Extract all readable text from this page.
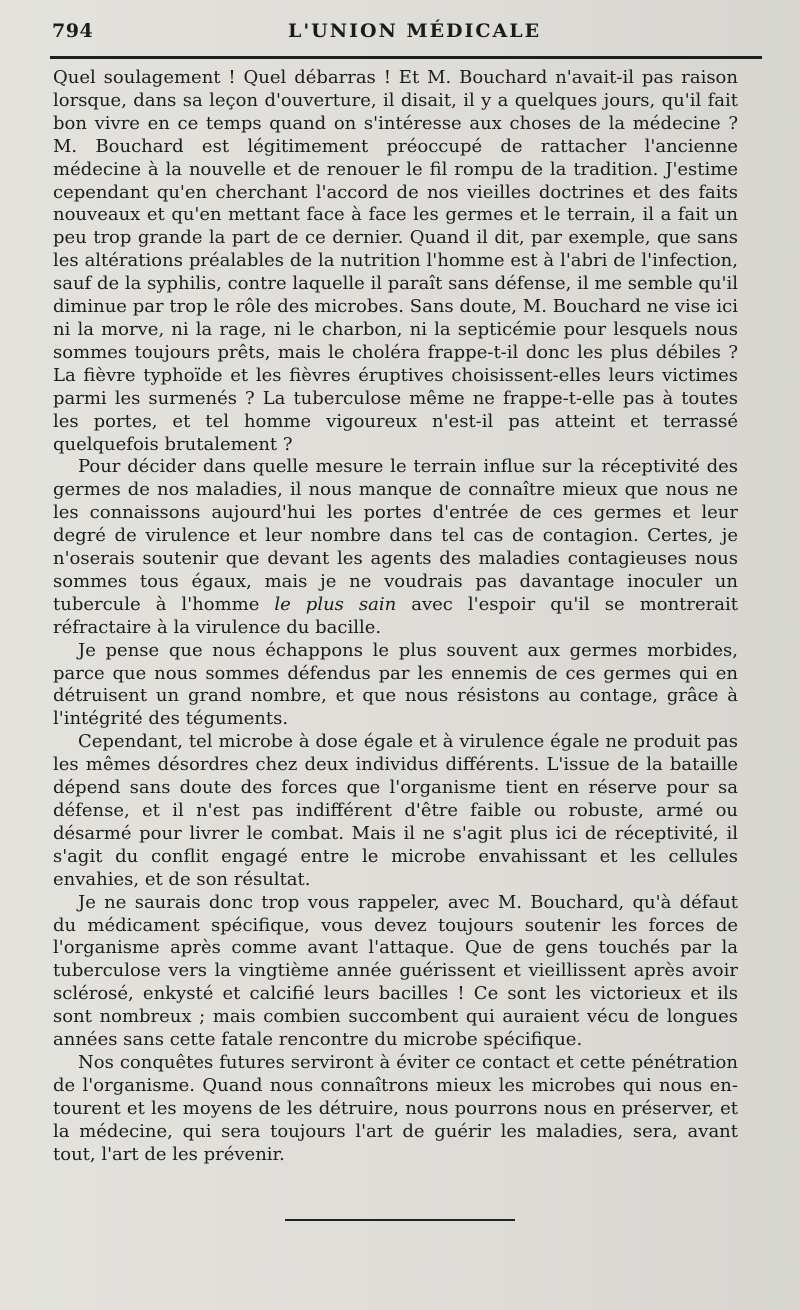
794	L'UNION MÉDICALE

Quel soulagement ! Quel débarras ! Et M. Bouchard n'avait-il pas raison lorsque, dans sa leçon d'ouverture, il disait, il y a quelques jours, qu'il fait bon vivre en ce temps quand on s'intéresse aux choses de la médecine ? M. Bouchard est légitimement préoccupé de rattacher l'ancienne médecine à la nouvelle et de renouer le fil rompu de la tradition. J'estime cependant qu'en cherchant l'accord de nos vieilles doctrines et des faits nouveaux et qu'en mettant face à face les germes et le terrain, il a fait un peu trop grande la part de ce dernier. Quand il dit, par exemple, que sans les altérations préalables de la nutrition l'homme est à l'abri de l'infection, sauf de la syphilis, contre laquelle il paraît sans défense, il me semble qu'il diminue par trop le rôle des microbes. Sans doute, M. Bouchard ne vise ici ni la morve, ni la rage, ni le charbon, ni la septicémie pour lesquels nous sommes toujours prêts, mais le choléra frappe-t-il donc les plus débiles ? La fièvre typhoïde et les fièvres éruptives choisissent-elles leurs victimes parmi les surmenés ? La tuberculose même ne frappe-t-elle pas à toutes les portes, et tel homme vigoureux n'est-il pas atteint et terrassé quelquefois brutalement ?

Pour décider dans quelle mesure le terrain influe sur la réceptivité des germes de nos maladies, il nous manque de connaître mieux que nous ne les connaissons aujourd'hui les portes d'entrée de ces germes et leur degré de virulence et leur nombre dans tel cas de contagion. Certes, je n'oserais soutenir que devant les agents des maladies contagieuses nous sommes tous égaux, mais je ne voudrais pas davantage inoculer un tubercule à l'homme le plus sain avec l'espoir qu'il se montrerait réfractaire à la virulence du bacille.

Je pense que nous échappons le plus souvent aux germes morbides, parce que nous sommes défendus par les ennemis de ces germes qui en détruisent un grand nombre, et que nous résistons au contage, grâce à l'intégrité des téguments.

Cependant, tel microbe à dose égale et à virulence égale ne produit pas les mêmes désordres chez deux individus différents. L'issue de la bataille dépend sans doute des forces que l'organisme tient en réserve pour sa défense, et il n'est pas indifférent d'être faible ou robuste, armé ou désarmé pour livrer le combat. Mais il ne s'agit plus ici de réceptivité, il s'agit du conflit engagé entre le microbe envahissant et les cellules envahies, et de son résultat.

Je ne saurais donc trop vous rappeler, avec M. Bouchard, qu'à défaut du médicament spécifique, vous devez toujours soutenir les forces de l'organisme après comme avant l'attaque. Que de gens touchés par la tuberculose vers la vingtième année guérissent et vieillissent après avoir sclérosé, enkysté et calcifié leurs bacilles ! Ce sont les victorieux et ils sont nombreux ; mais combien succombent qui auraient vécu de longues années sans cette fatale rencontre du microbe spécifique.

Nos conquêtes futures serviront à éviter ce contact et cette pénétration de l'organisme. Quand nous connaîtrons mieux les microbes qui nous entourent et les moyens de les détruire, nous pourrons nous en préserver, et la médecine, qui sera toujours l'art de guérir les maladies, sera, avant tout, l'art de les prévenir.
